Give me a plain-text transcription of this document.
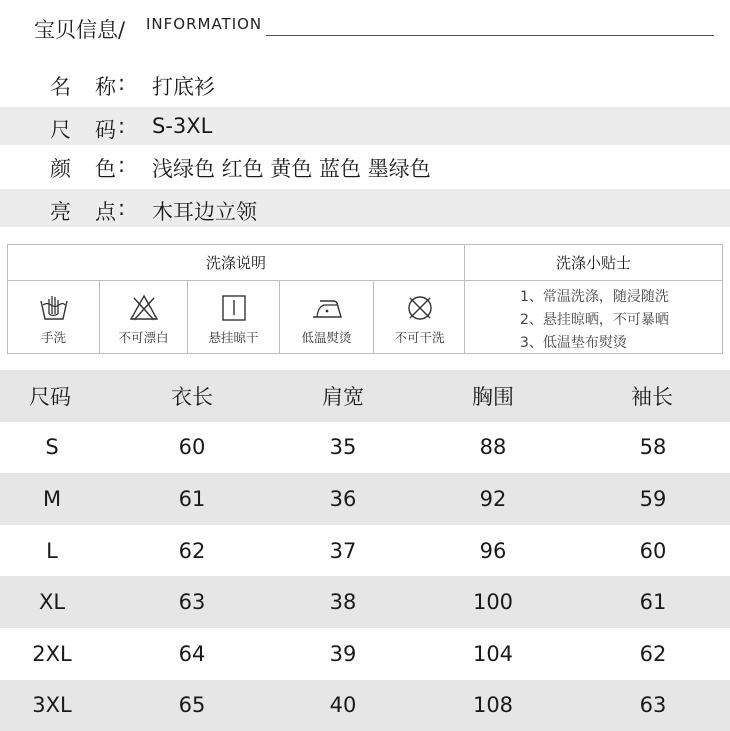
宝贝信息/ INFORMATION
名 称 : 打底衫
尺 码 : S-3XL
颜 色 : 浅绿色 红色 黄色 蓝色 墨绿色
亮 点 : 木耳边立领
洗涤说明	洗涤小贴士
手洗	不可漂白	悬挂晾干	低温熨烫	不可干洗
1、常温洗涤，随浸随洗
2、悬挂晾晒，不可暴晒
3、低温垫布熨烫
尺码	衣长	肩宽	胸围	袖长
S	60	35	88	58
M	61	36	92	59
L	62	37	96	60
XL	63	38	100	61
2XL	64	39	104	62
3XL	65	40	108	63
